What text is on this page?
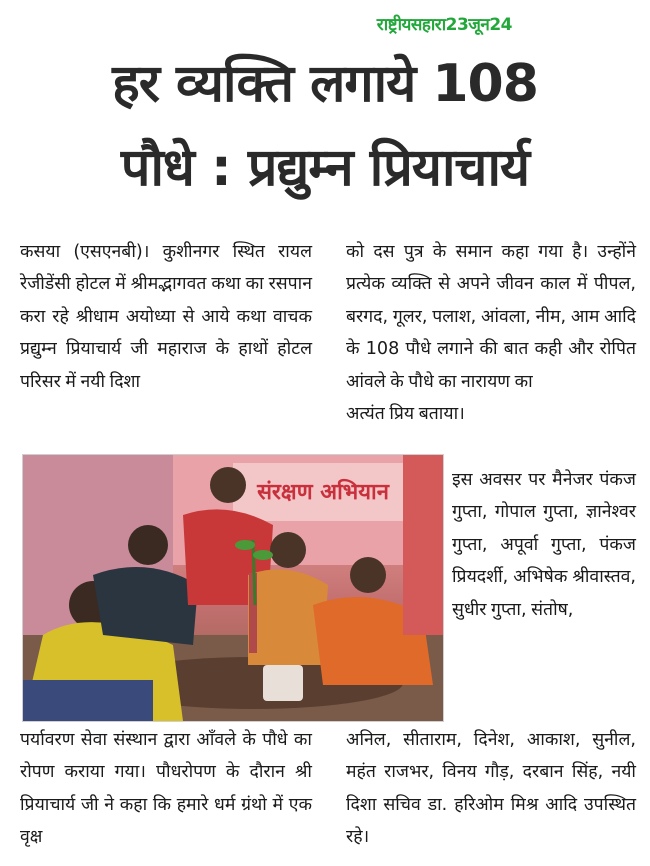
राष्ट्रीयसहारा23जून24
हर व्यक्ति लगाये 108
पौधे : प्रद्युम्न प्रियाचार्य

कसया (एसएनबी)। कुशीनगर स्थित रायल रेजीडेंसी होटल में श्रीमद्भागवत कथा का रसपान करा रहे श्रीधाम अयोध्या से आये कथा वाचक प्रद्युम्न प्रियाचार्य जी महाराज के हाथों होटल परिसर में नयी दिशा

को दस पुत्र के समान कहा गया है। उन्होंने प्रत्येक व्यक्ति से अपने जीवन काल में पीपल, बरगद, गूलर, पलाश, आंवला, नीम, आम आदि के 108 पौधे लगाने की बात कही और रोपित आंवले के पौधे का नारायण का
अत्यंत प्रिय बताया।

संरक्षण अभियान	इस अवसर पर मैनेजर पंकज गुप्ता, गोपाल गुप्ता, ज्ञानेश्वर गुप्ता, अपूर्वा गुप्ता, पंकज प्रियदर्शी, अभिषेक श्रीवास्तव, सुधीर गुप्ता, संतोष,

अनिल, सीताराम, दिनेश, आकाश, सुनील, महंत राजभर, विनय गौड़, दरबान सिंह, नयी दिशा सचिव डा. हरिओम मिश्र आदि उपस्थित रहे।

पर्यावरण सेवा संस्थान द्वारा आँवले के पौधे का रोपण कराया गया। पौधरोपण के दौरान श्री प्रियाचार्य जी ने कहा कि हमारे धर्म ग्रंथो में एक वृक्ष
